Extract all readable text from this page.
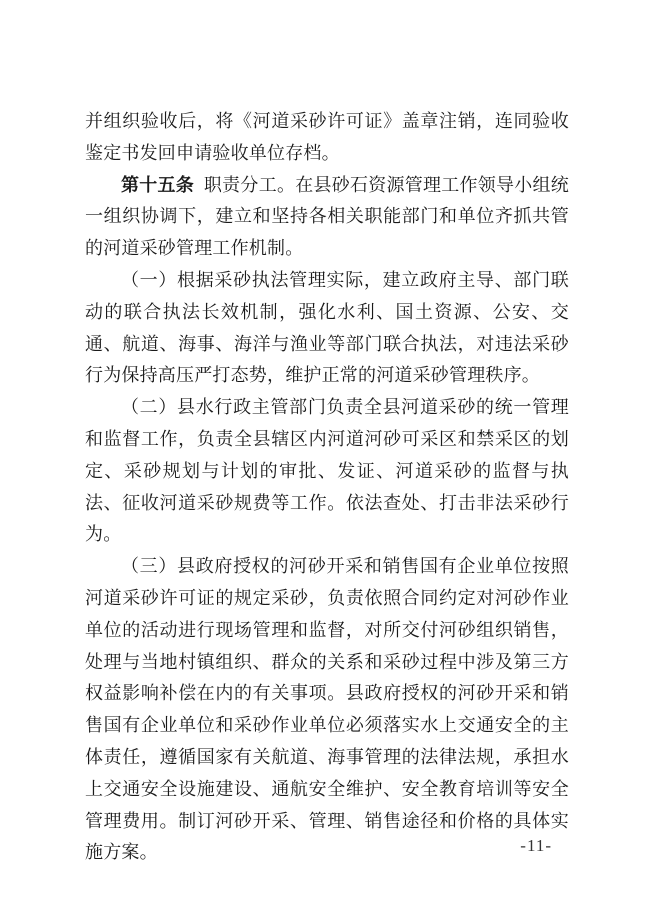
并组织验收后，将《河道采砂许可证》盖章注销，连同验收鉴定书发回申请验收单位存档。

第十五条 职责分工。在县砂石资源管理工作领导小组统一组织协调下，建立和坚持各相关职能部门和单位齐抓共管的河道采砂管理工作机制。

（一）根据采砂执法管理实际，建立政府主导、部门联动的联合执法长效机制，强化水利、国土资源、公安、交通、航道、海事、海洋与渔业等部门联合执法，对违法采砂行为保持高压严打态势，维护正常的河道采砂管理秩序。

（二）县水行政主管部门负责全县河道采砂的统一管理和监督工作，负责全县辖区内河道河砂可采区和禁采区的划定、采砂规划与计划的审批、发证、河道采砂的监督与执法、征收河道采砂规费等工作。依法查处、打击非法采砂行为。

（三）县政府授权的河砂开采和销售国有企业单位按照河道采砂许可证的规定采砂，负责依照合同约定对河砂作业单位的活动进行现场管理和监督，对所交付河砂组织销售，处理与当地村镇组织、群众的关系和采砂过程中涉及第三方权益影响补偿在内的有关事项。县政府授权的河砂开采和销售国有企业单位和采砂作业单位必须落实水上交通安全的主体责任，遵循国家有关航道、海事管理的法律法规，承担水上交通安全设施建设、通航安全维护、安全教育培训等安全管理费用。制订河砂开采、管理、销售途径和价格的具体实施方案。	-11-
